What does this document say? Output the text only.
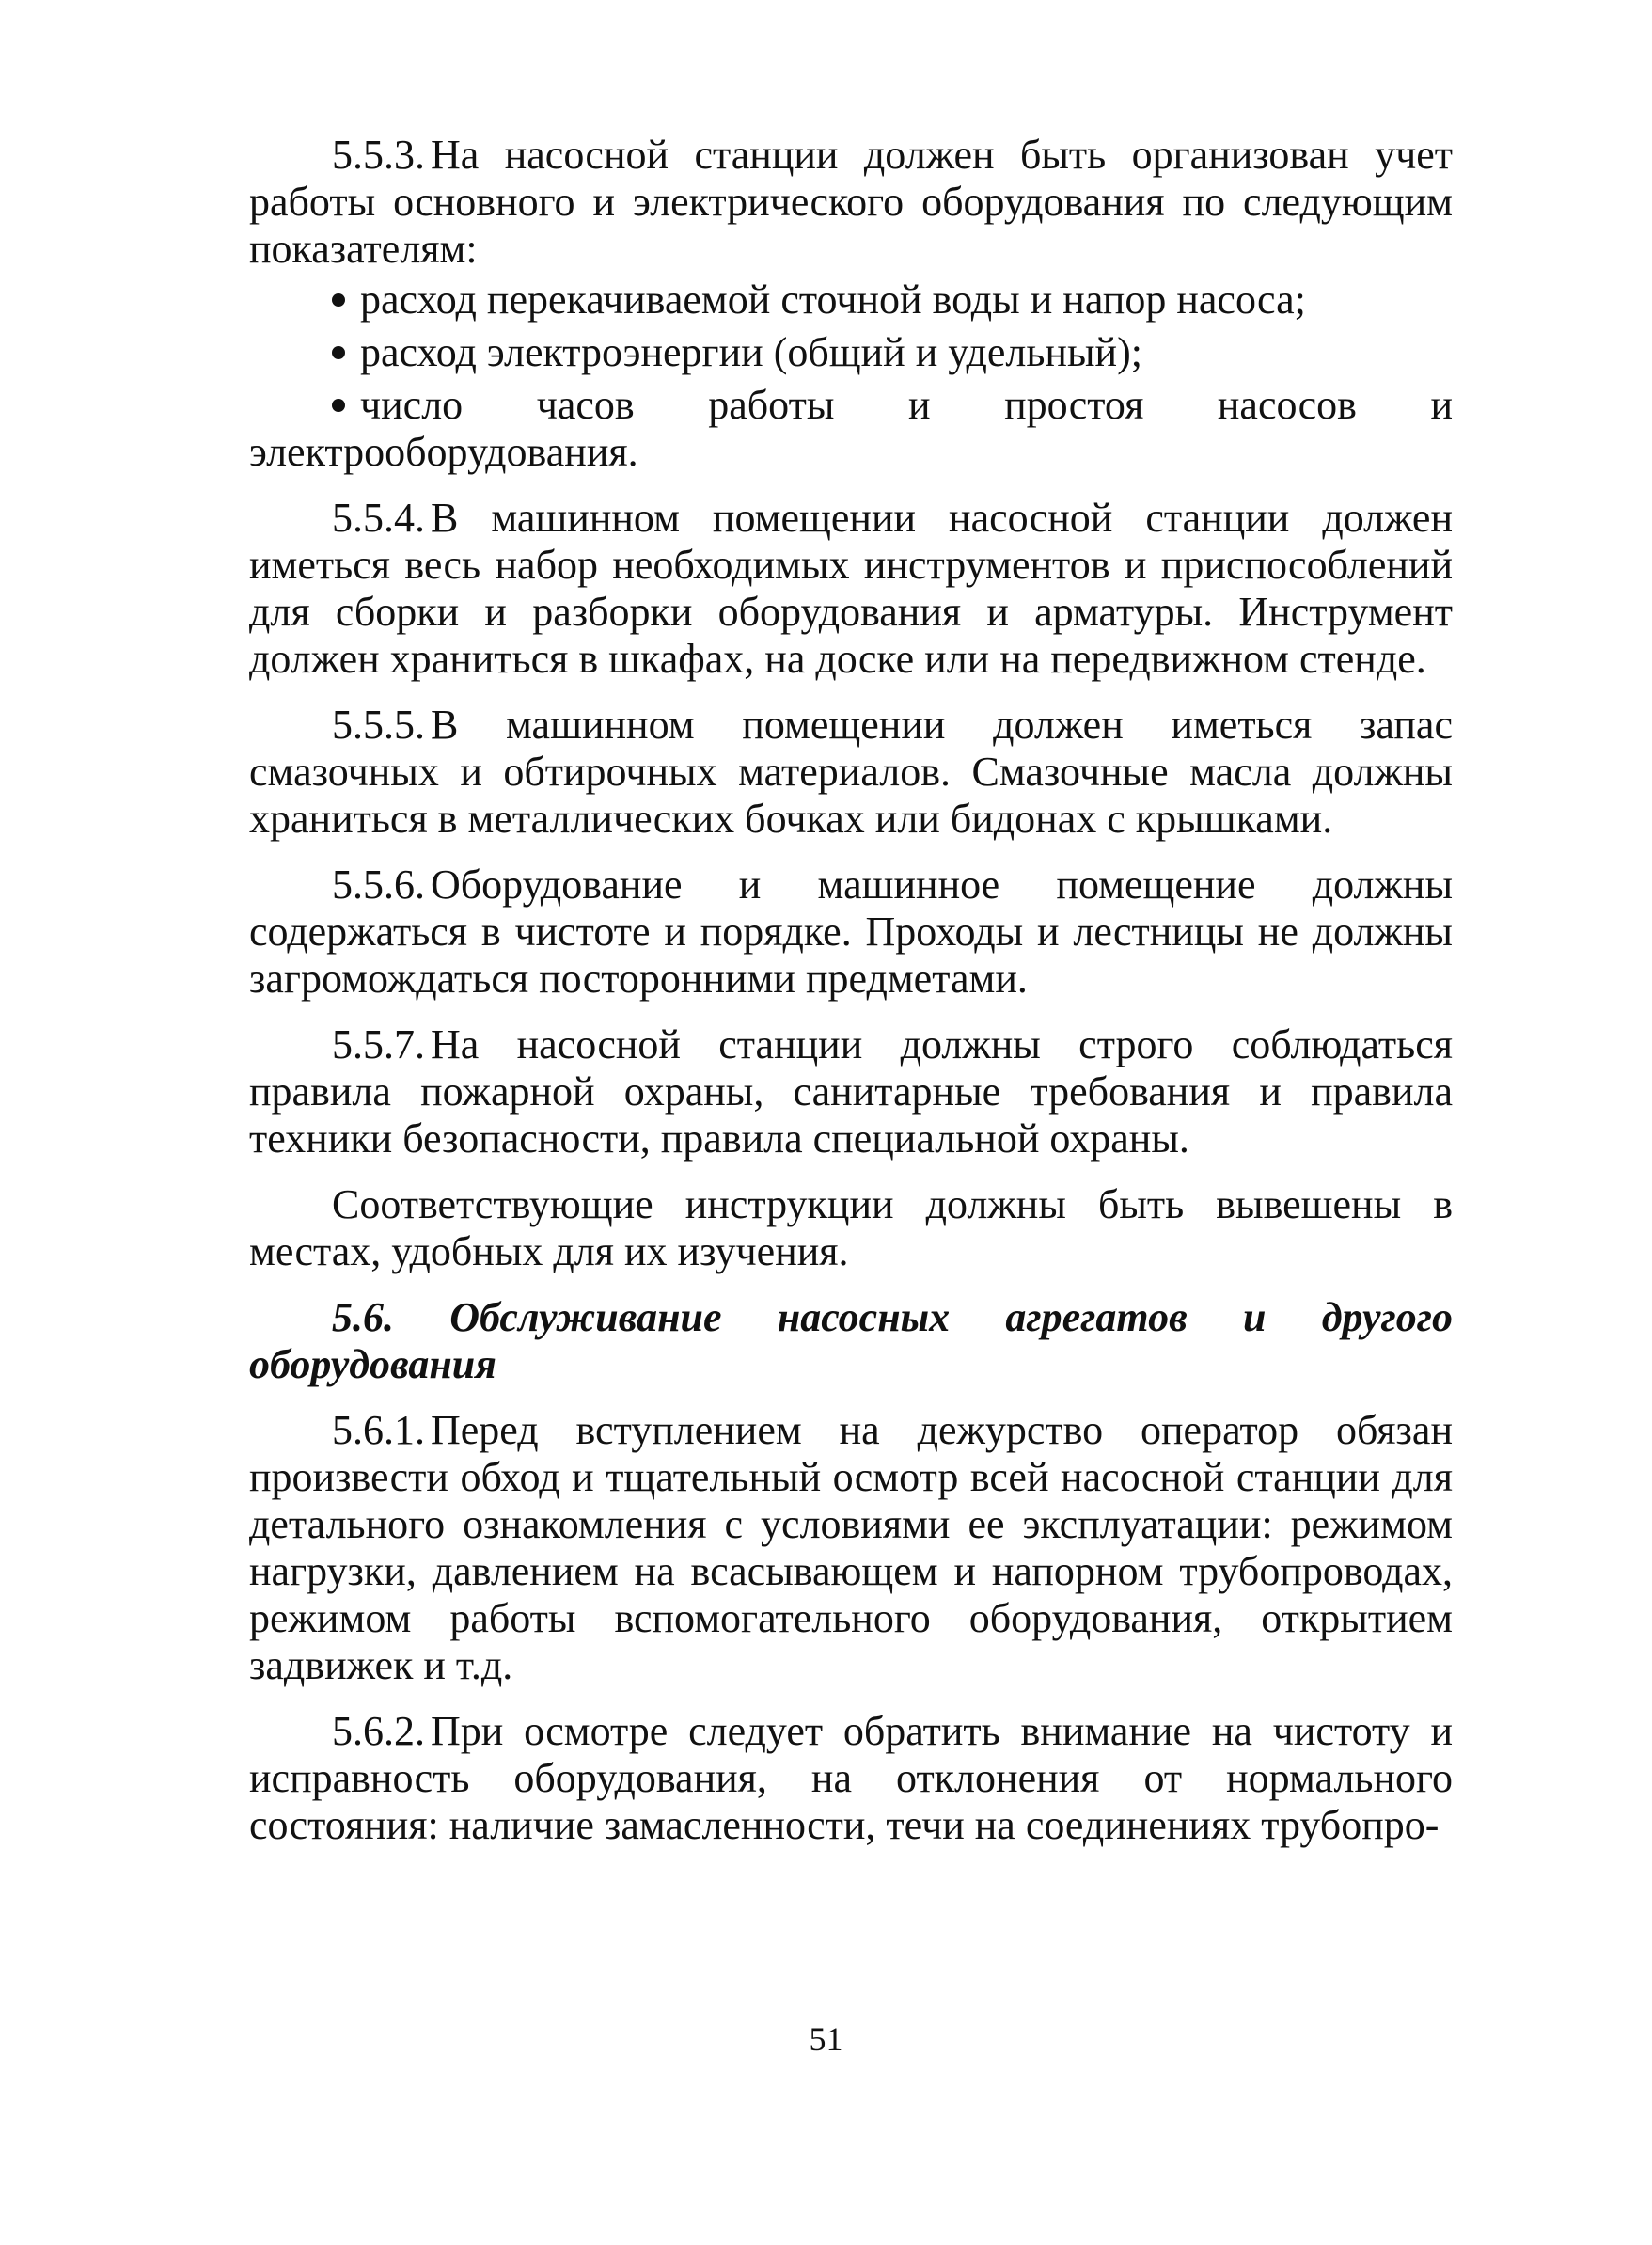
5.5.3. На насосной станции должен быть организован учет работы основного и электрического оборудования по следующим показателям:

расход перекачиваемой сточной воды и напор насоса;

расход электроэнергии (общий и удельный);

число часов работы и простоя насосов и электрооборудования.

5.5.4. В машинном помещении насосной станции должен иметься весь набор необходимых инструментов и приспособлений для сборки и разборки оборудования и арматуры. Инструмент должен храниться в шкафах, на доске или на передвижном стенде.

5.5.5. В машинном помещении должен иметься запас смазочных и обтирочных материалов. Смазочные масла должны храниться в металлических бочках или бидонах с крышками.

5.5.6. Оборудование и машинное помещение должны содержаться в чистоте и порядке. Проходы и лестницы не должны загромождаться посторонними предметами.

5.5.7. На насосной станции должны строго соблюдаться правила пожарной охраны, санитарные требования и правила техники безопасности, правила специальной охраны.

Соответствующие инструкции должны быть вывешены в местах, удобных для их изучения.

5.6. Обслуживание насосных агрегатов и другого оборудования

5.6.1. Перед вступлением на дежурство оператор обязан произвести обход и тщательный осмотр всей насосной станции для детального ознакомления с условиями ее эксплуатации: режимом нагрузки, давлением на всасывающем и напорном трубопроводах, режимом работы вспомогательного оборудования, открытием задвижек и т.д.

5.6.2. При осмотре следует обратить внимание на чистоту и исправность оборудования, на отклонения от нормального состояния: наличие замасленности, течи на соединениях трубопро-

51
